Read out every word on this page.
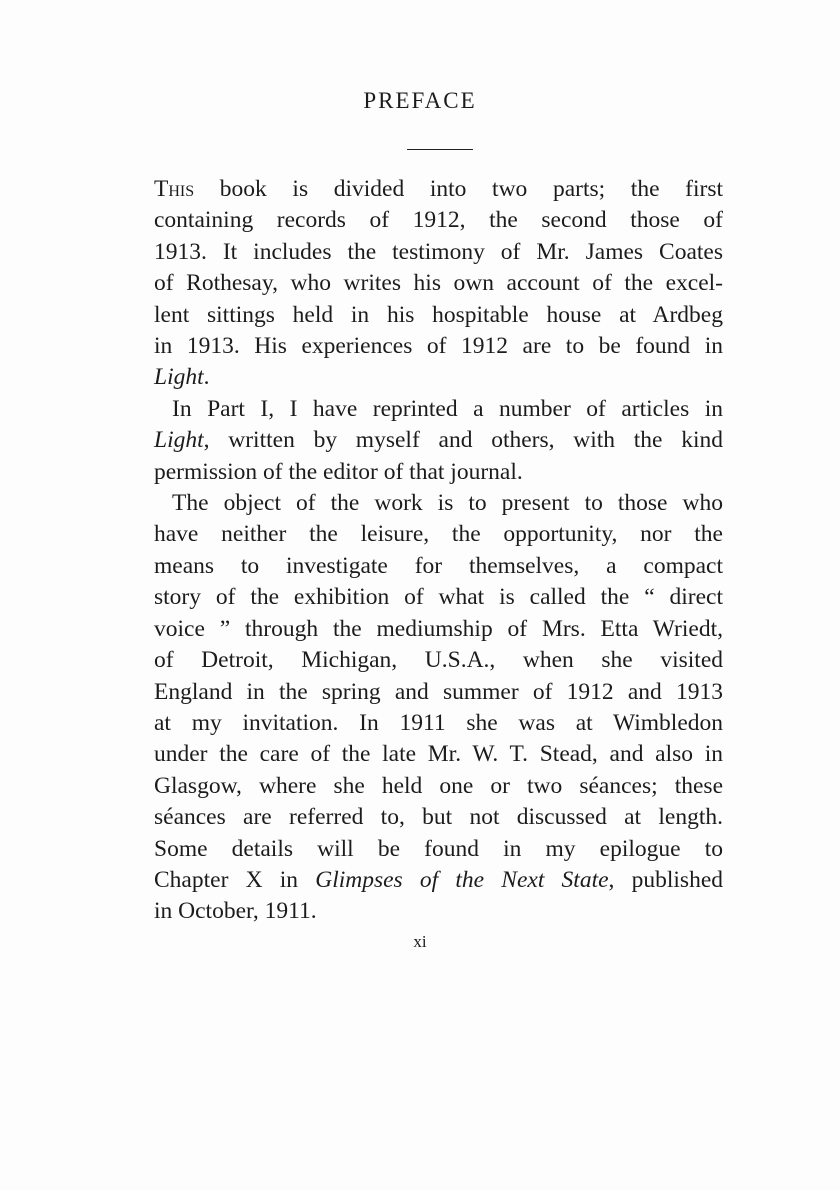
PREFACE
This book is divided into two parts; the first
containing records of 1912, the second those of
1913. It includes the testimony of Mr. James Coates
of Rothesay, who writes his own account of the excel-
lent sittings held in his hospitable house at Ardbeg
in 1913. His experiences of 1912 are to be found in
Light.
In Part I, I have reprinted a number of articles in
Light, written by myself and others, with the kind
permission of the editor of that journal.
The object of the work is to present to those who
have neither the leisure, the opportunity, nor the
means to investigate for themselves, a compact
story of the exhibition of what is called the “ direct
voice ” through the mediumship of Mrs. Etta Wriedt,
of Detroit, Michigan, U.S.A., when she visited
England in the spring and summer of 1912 and 1913
at my invitation. In 1911 she was at Wimbledon
under the care of the late Mr. W. T. Stead, and also in
Glasgow, where she held one or two séances; these
séances are referred to, but not discussed at length.
Some details will be found in my epilogue to
Chapter X in Glimpses of the Next State, published
in October, 1911.
xi
